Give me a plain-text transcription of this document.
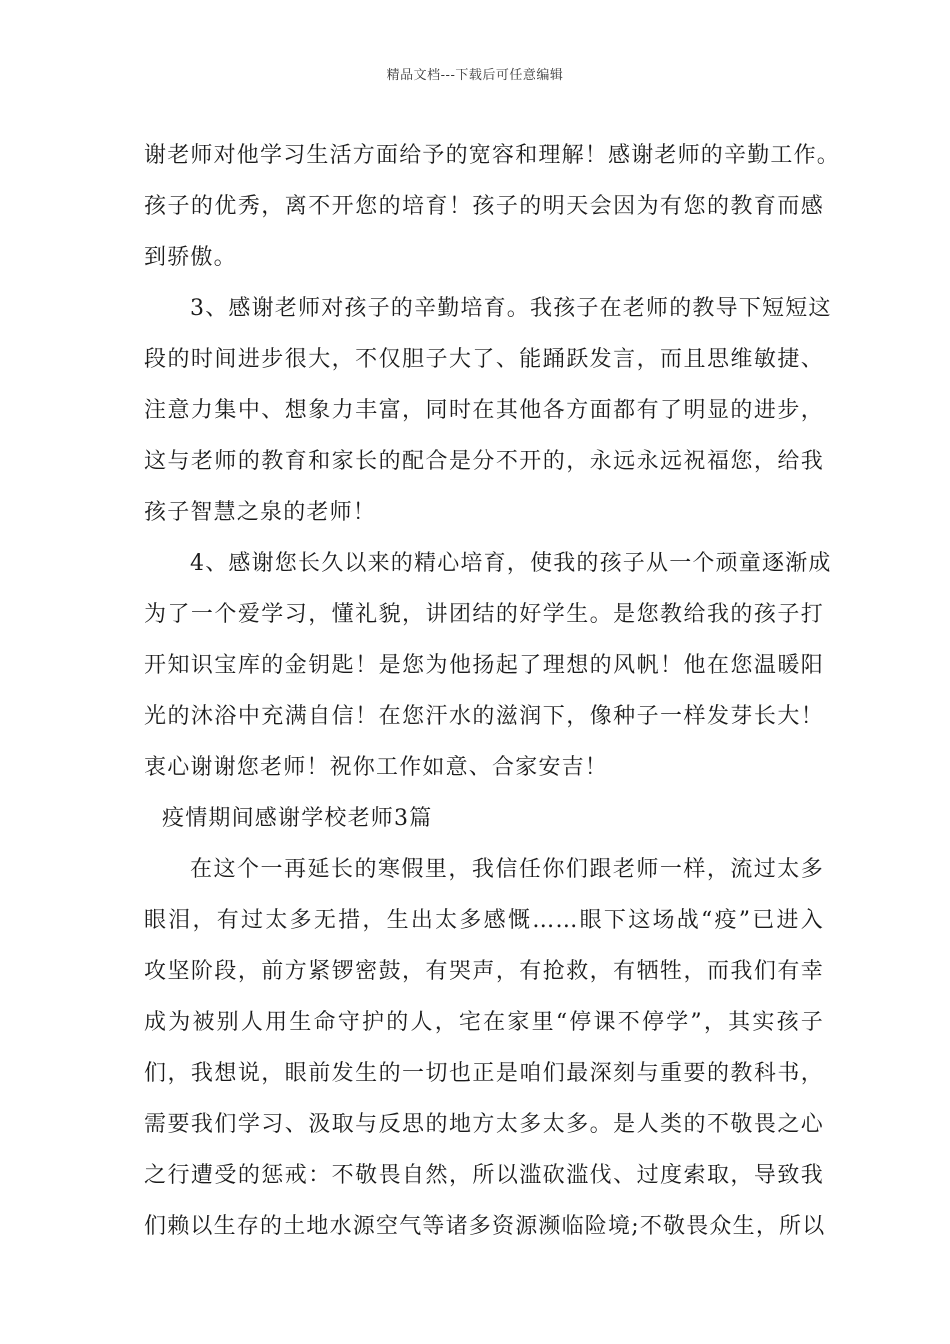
精品文档---下载后可任意编辑
谢老师对他学习生活方面给予的宽容和理解！感谢老师的辛勤工作。
孩子的优秀，离不开您的培育！孩子的明天会因为有您的教育而感
到骄傲。
3、感谢老师对孩子的辛勤培育。我孩子在老师的教导下短短这
段的时间进步很大，不仅胆子大了、能踊跃发言，而且思维敏捷、
注意力集中、想象力丰富，同时在其他各方面都有了明显的进步，
这与老师的教育和家长的配合是分不开的，永远永远祝福您，给我
孩子智慧之泉的老师！
4、感谢您长久以来的精心培育，使我的孩子从一个顽童逐渐成
为了一个爱学习，懂礼貌，讲团结的好学生。是您教给我的孩子打
开知识宝库的金钥匙！是您为他扬起了理想的风帆！他在您温暖阳
光的沐浴中充满自信！在您汗水的滋润下，像种子一样发芽长大！
衷心谢谢您老师！祝你工作如意、合家安吉！
疫情期间感谢学校老师3篇
在这个一再延长的寒假里，我信任你们跟老师一样，流过太多
眼泪，有过太多无措，生出太多感慨……眼下这场战“疫”已进入
攻坚阶段，前方紧锣密鼓，有哭声，有抢救，有牺牲，而我们有幸
成为被别人用生命守护的人，宅在家里“停课不停学”，其实孩子
们，我想说，眼前发生的一切也正是咱们最深刻与重要的教科书，
需要我们学习、汲取与反思的地方太多太多。是人类的不敬畏之心
之行遭受的惩戒：不敬畏自然，所以滥砍滥伐、过度索取，导致我
们赖以生存的土地水源空气等诸多资源濒临险境;不敬畏众生，所以
